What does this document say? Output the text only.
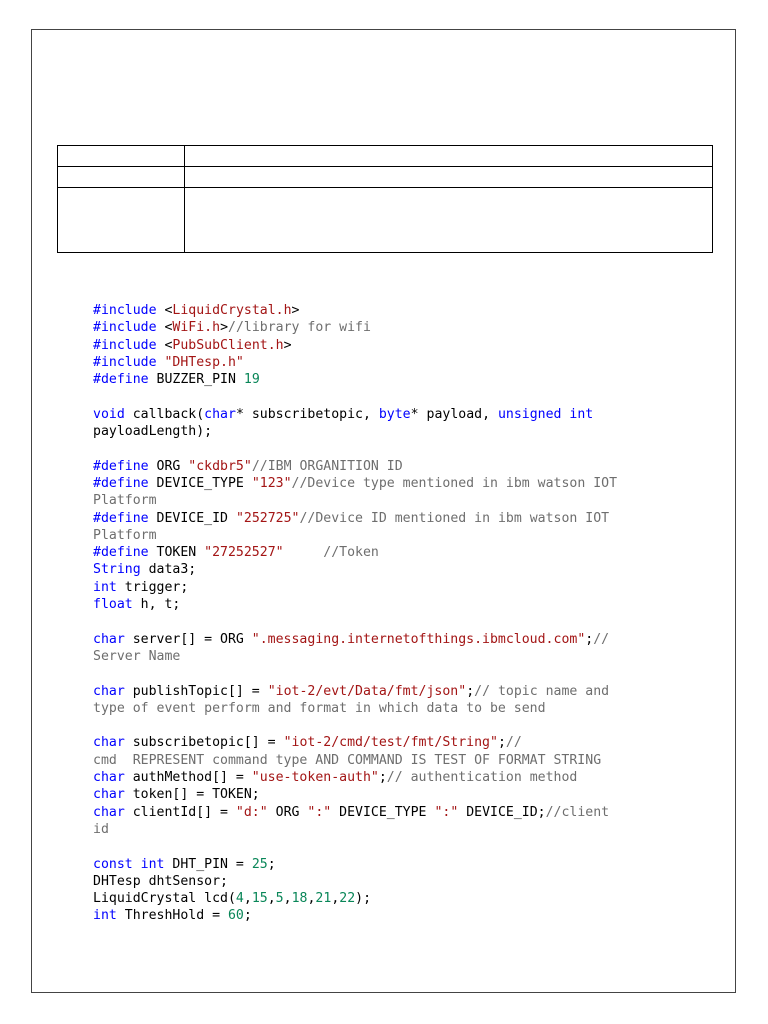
#include <LiquidCrystal.h>
#include <WiFi.h>//library for wifi
#include <PubSubClient.h>
#include "DHTesp.h"
#define BUZZER_PIN 19
void callback(char* subscribetopic, byte* payload, unsigned int
payloadLength);
#define ORG "ckdbr5"//IBM ORGANITION ID
#define DEVICE_TYPE "123"//Device type mentioned in ibm watson IOT
Platform
#define DEVICE_ID "252725"//Device ID mentioned in ibm watson IOT
Platform
#define TOKEN "27252527"	//Token
String data3;
int trigger;
float h, t;
char server[] = ORG ".messaging.internetofthings.ibmcloud.com";//
Server Name
char publishTopic[] = "iot-2/evt/Data/fmt/json";// topic name and
type of event perform and format in which data to be send
char subscribetopic[] = "iot-2/cmd/test/fmt/String";//
cmd  REPRESENT command type AND COMMAND IS TEST OF FORMAT STRING
char authMethod[] = "use-token-auth";// authentication method
char token[] = TOKEN;
char clientId[] = "d:" ORG ":" DEVICE_TYPE ":" DEVICE_ID;//client
id
const int DHT_PIN = 25;
DHTesp dhtSensor;
LiquidCrystal lcd(4,15,5,18,21,22);
int ThreshHold = 60;
